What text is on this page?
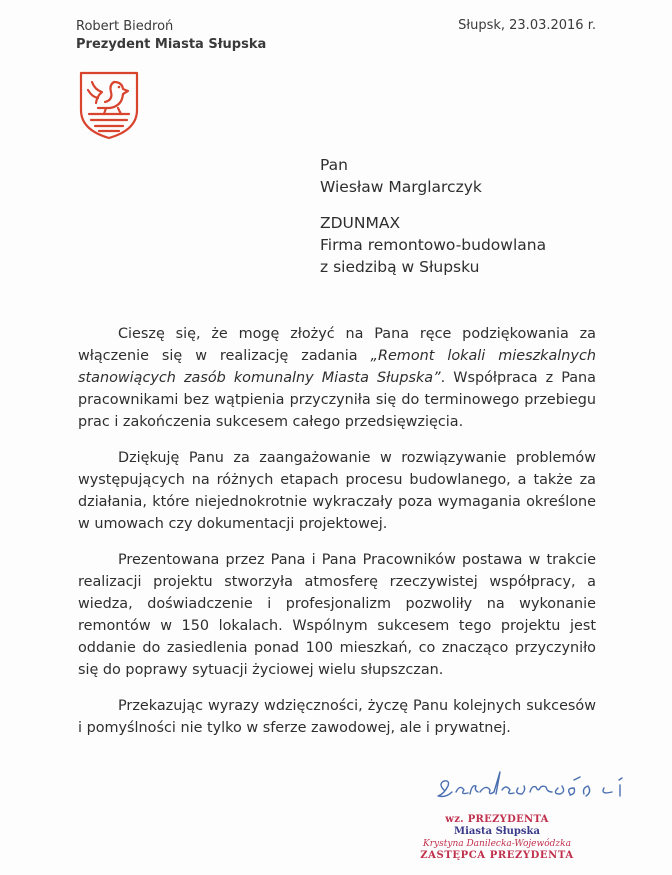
Robert Biedroń
Prezydent Miasta Słupska
Słupsk, 23.03.2016 r.
Pan
Wiesław Marglarczyk
ZDUNMAX
Firma remontowo-budowlana
z siedzibą w Słupsku

Cieszę się, że mogę złożyć na Pana ręce podziękowania za włączenie się w realizację zadania „Remont lokali mieszkalnych stanowiących zasób komunalny Miasta Słupska”. Współpraca z Pana pracownikami bez wątpienia przyczyniła się do terminowego przebiegu prac i zakończenia sukcesem całego przedsięwzięcia.

Dziękuję Panu za zaangażowanie w rozwiązywanie problemów występujących na różnych etapach procesu budowlanego, a także za działania, które niejednokrotnie wykraczały poza wymagania określone w umowach czy dokumentacji projektowej.

Prezentowana przez Pana i Pana Pracowników postawa w trakcie realizacji projektu stworzyła atmosferę rzeczywistej współpracy, a wiedza, doświadczenie i profesjonalizm pozwoliły na wykonanie remontów w 150 lokalach. Wspólnym sukcesem tego projektu jest oddanie do zasiedlenia ponad 100 mieszkań, co znacząco przyczyniło się do poprawy sytuacji życiowej wielu słupszczan.

Przekazując wyrazy wdzięczności, życzę Panu kolejnych sukcesów i pomyślności nie tylko w sferze zawodowej, ale i prywatnej.

wz. PREZYDENTA
Miasta Słupska
Krystyna Danilecka-Wojewódzka
ZASTĘPCA PREZYDENTA
